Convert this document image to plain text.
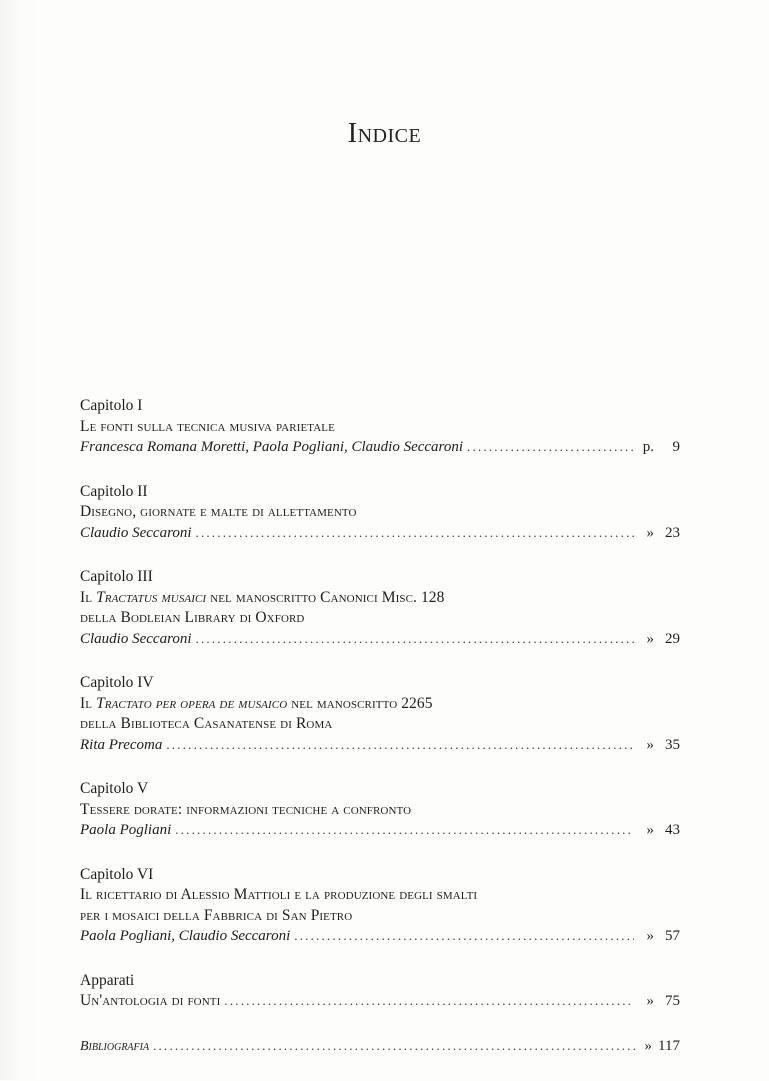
Indice
Capitolo I
Le fonti sulla tecnica musiva parietale
Francesca Romana Moretti, Paola Pogliani, Claudio Seccaroni .....	p.	9
Capitolo II
Disegno, giornate e malte di allettamento
Claudio Seccaroni .....	» 23
Capitolo III
Il Tractatus musaici nel manoscritto Canonici Misc. 128
della Bodleian Library di Oxford
Claudio Seccaroni .....	» 29
Capitolo IV
Il Tractato per opera de musaico nel manoscritto 2265
della Biblioteca Casanatense di Roma
Rita Precoma .....	» 35
Capitolo V
Tessere dorate: informazioni tecniche a confronto
Paola Pogliani .....	» 43
Capitolo VI
Il ricettario di Alessio Mattioli e la produzione degli smalti
per i mosaici della Fabbrica di San Pietro
Paola Pogliani, Claudio Seccaroni .....	» 57
Apparati
Un'antologia di fonti .....	» 75
Bibliografia .....	» 117
